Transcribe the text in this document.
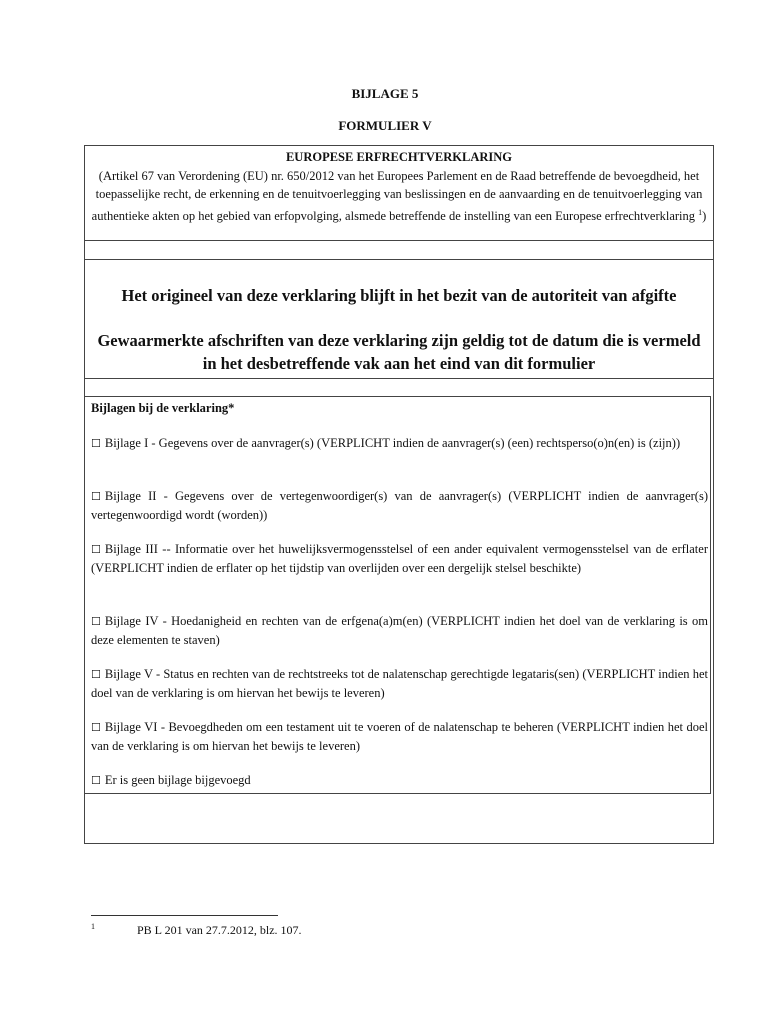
BIJLAGE 5
FORMULIER V
EUROPESE ERFRECHTVERKLARING
(Artikel 67 van Verordening (EU) nr. 650/2012 van het Europees Parlement en de Raad betreffende de bevoegdheid, het toepasselijke recht, de erkenning en de tenuitvoerlegging van beslissingen en de aanvaarding en de tenuitvoerlegging van authentieke akten op het gebied van erfopvolging, alsmede betreffende de instelling van een Europese erfrechtverklaring $^1$)
Het origineel van deze verklaring blijft in het bezit van de autoriteit van afgifte
Gewaarmerkte afschriften van deze verklaring zijn geldig tot de datum die is vermeld in het desbetreffende vak aan het eind van dit formulier
Bijlagen bij de verklaring*
☐ Bijlage I - Gegevens over de aanvrager(s) (VERPLICHT indien de aanvrager(s) (een) rechtsperso(o)n(en) is (zijn))
☐ Bijlage II - Gegevens over de vertegenwoordiger(s) van de aanvrager(s) (VERPLICHT indien de aanvrager(s) vertegenwoordigd wordt (worden))
☐ Bijlage III -- Informatie over het huwelijksvermogensstelsel of een ander equivalent vermogensstelsel van de erflater (VERPLICHT indien de erflater op het tijdstip van overlijden over een dergelijk stelsel beschikte)
☐ Bijlage IV - Hoedanigheid en rechten van de erfgena(a)m(en) (VERPLICHT indien het doel van de verklaring is om deze elementen te staven)
☐ Bijlage V - Status en rechten van de rechtstreeks tot de nalatenschap gerechtigde legataris(sen) (VERPLICHT indien het doel van de verklaring is om hiervan het bewijs te leveren)
☐ Bijlage VI - Bevoegdheden om een testament uit te voeren of de nalatenschap te beheren (VERPLICHT indien het doel van de verklaring is om hiervan het bewijs te leveren)
☐ Er is geen bijlage bijgevoegd
1	PB L 201 van 27.7.2012, blz. 107.
